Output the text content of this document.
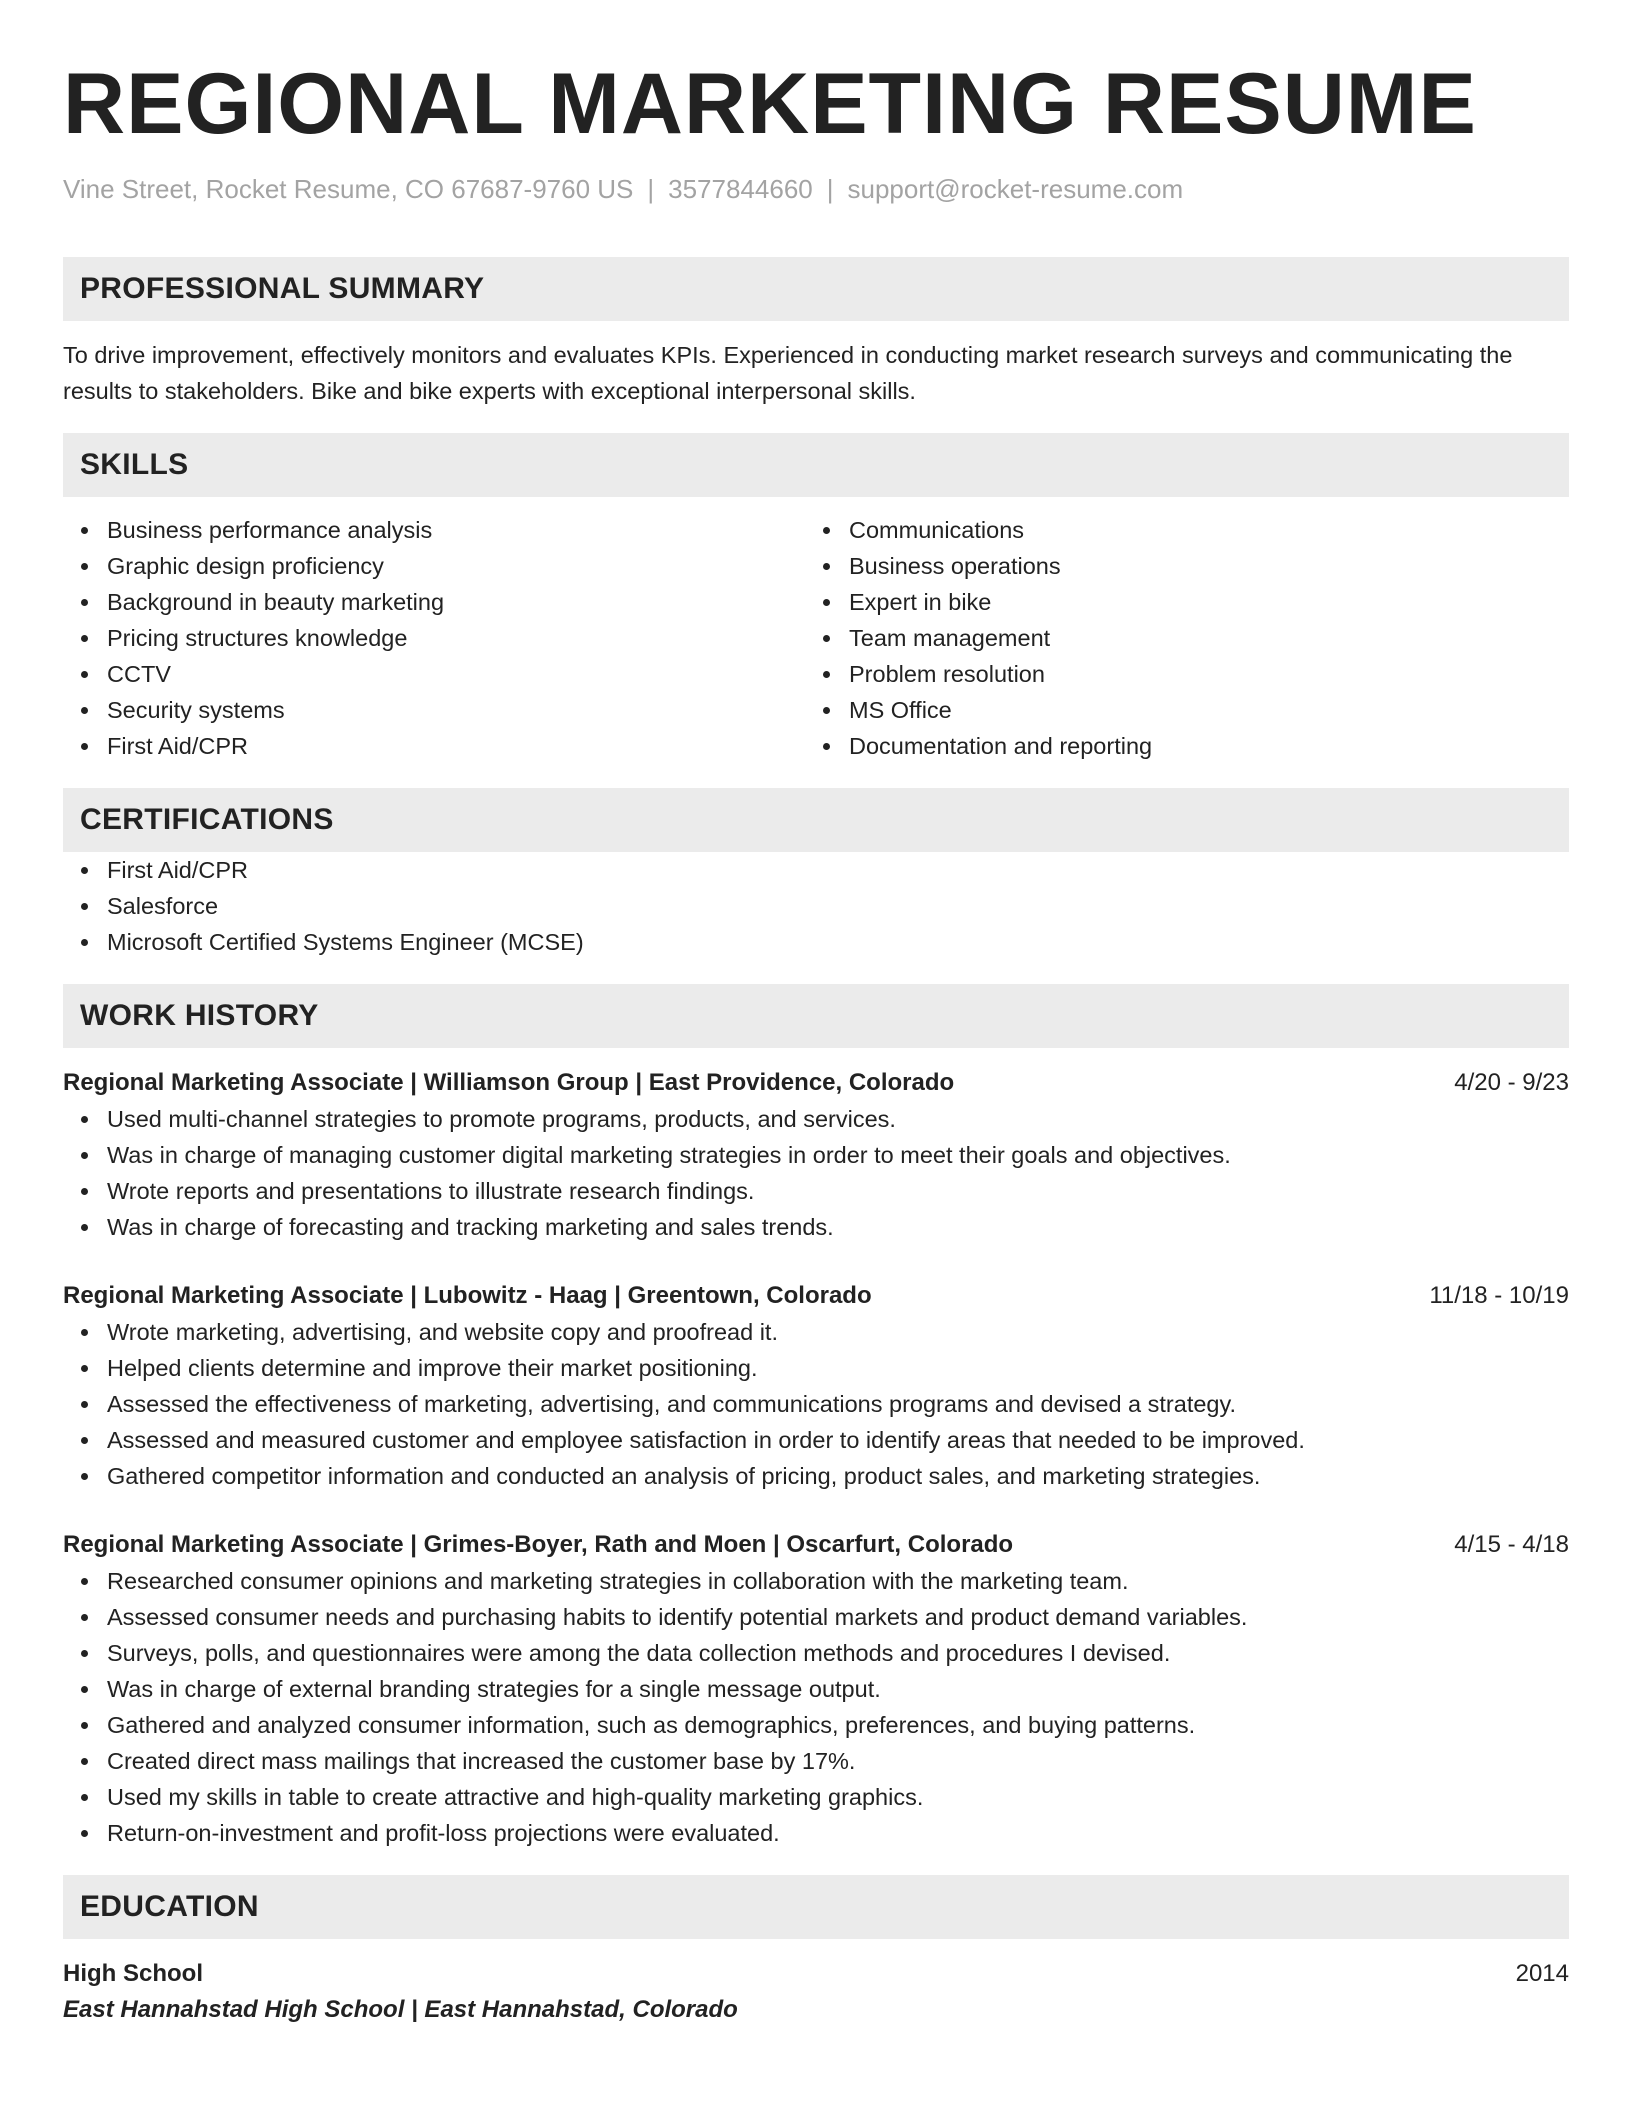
REGIONAL MARKETING RESUME
Vine Street, Rocket Resume, CO 67687-9760 US | 3577844660 | support@rocket-resume.com
PROFESSIONAL SUMMARY
To drive improvement, effectively monitors and evaluates KPIs. Experienced in conducting market research surveys and communicating the results to stakeholders. Bike and bike experts with exceptional interpersonal skills.
SKILLS
Business performance analysis
Graphic design proficiency
Background in beauty marketing
Pricing structures knowledge
CCTV
Security systems
First Aid/CPR
Communications
Business operations
Expert in bike
Team management
Problem resolution
MS Office
Documentation and reporting
CERTIFICATIONS
First Aid/CPR
Salesforce
Microsoft Certified Systems Engineer (MCSE)
WORK HISTORY
Regional Marketing Associate | Williamson Group | East Providence, Colorado	4/20 - 9/23
Used multi-channel strategies to promote programs, products, and services.
Was in charge of managing customer digital marketing strategies in order to meet their goals and objectives.
Wrote reports and presentations to illustrate research findings.
Was in charge of forecasting and tracking marketing and sales trends.
Regional Marketing Associate | Lubowitz - Haag | Greentown, Colorado	11/18 - 10/19
Wrote marketing, advertising, and website copy and proofread it.
Helped clients determine and improve their market positioning.
Assessed the effectiveness of marketing, advertising, and communications programs and devised a strategy.
Assessed and measured customer and employee satisfaction in order to identify areas that needed to be improved.
Gathered competitor information and conducted an analysis of pricing, product sales, and marketing strategies.
Regional Marketing Associate | Grimes-Boyer, Rath and Moen | Oscarfurt, Colorado	4/15 - 4/18
Researched consumer opinions and marketing strategies in collaboration with the marketing team.
Assessed consumer needs and purchasing habits to identify potential markets and product demand variables.
Surveys, polls, and questionnaires were among the data collection methods and procedures I devised.
Was in charge of external branding strategies for a single message output.
Gathered and analyzed consumer information, such as demographics, preferences, and buying patterns.
Created direct mass mailings that increased the customer base by 17%.
Used my skills in table to create attractive and high-quality marketing graphics.
Return-on-investment and profit-loss projections were evaluated.
EDUCATION
High School	2014
East Hannahstad High School | East Hannahstad, Colorado
